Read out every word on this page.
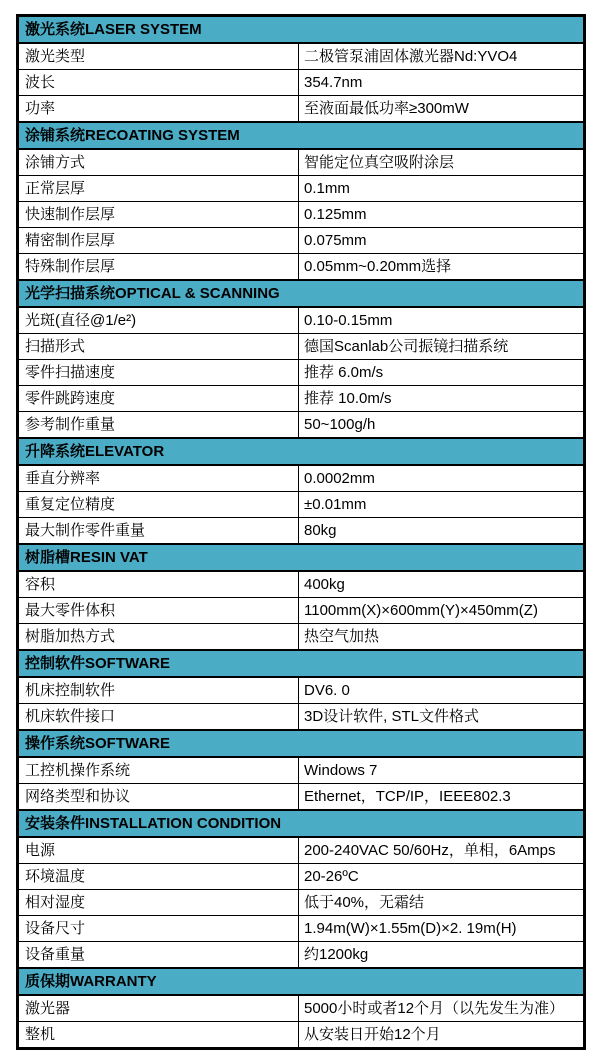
激光系统LASER SYSTEM
激光类型	二极管泵浦固体激光器Nd:YVO4
波长	354.7nm
功率	至液面最低功率≥300mW
涂铺系统RECOATING SYSTEM
涂铺方式	智能定位真空吸附涂层
正常层厚	0.1mm
快速制作层厚	0.125mm
精密制作层厚	0.075mm
特殊制作层厚	0.05mm~0.20mm选择
光学扫描系统OPTICAL & SCANNING
光斑(直径@1/e²)	0.10-0.15mm
扫描形式	德国Scanlab公司振镜扫描系统
零件扫描速度	推荐 6.0m/s
零件跳跨速度	推荐 10.0m/s
参考制作重量	50~100g/h
升降系统ELEVATOR
垂直分辨率	0.0002mm
重复定位精度	±0.01mm
最大制作零件重量	80kg
树脂槽RESIN VAT
容积	400kg
最大零件体积	1100mm(X)×600mm(Y)×450mm(Z)
树脂加热方式	热空气加热
控制软件SOFTWARE
机床控制软件	DV6. 0
机床软件接口	3D设计软件, STL文件格式
操作系统SOFTWARE
工控机操作系统	Windows 7
网络类型和协议	Ethernet，TCP/IP，IEEE802.3
安装条件INSTALLATION CONDITION
电源	200-240VAC 50/60Hz，单相，6Amps
环境温度	20-26ºC
相对湿度	低于40%，无霜结
设备尺寸	1.94m(W)×1.55m(D)×2. 19m(H)
设备重量	约1200kg
质保期WARRANTY
激光器	5000小时或者12个月（以先发生为准）
整机	从安装日开始12个月
